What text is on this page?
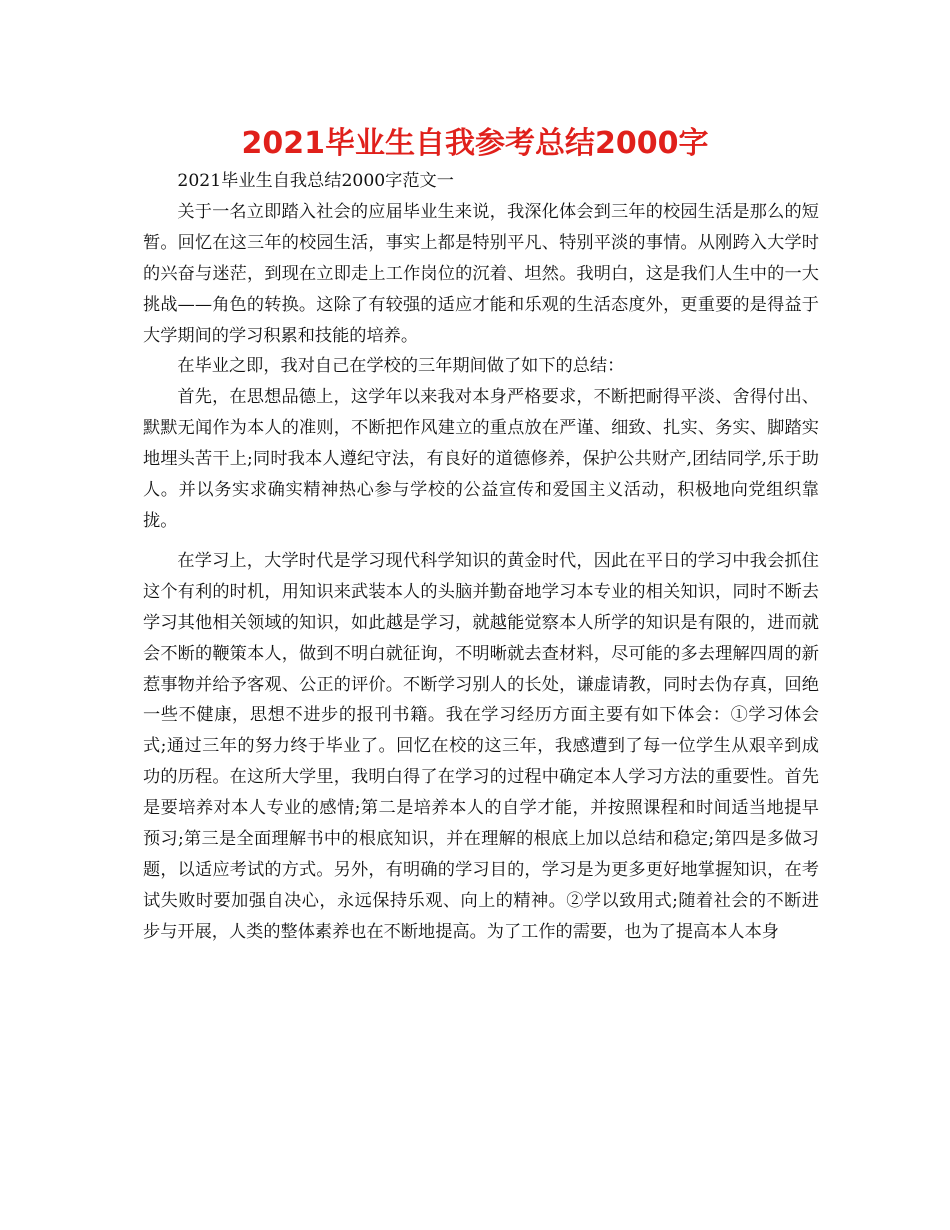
2021毕业生自我参考总结2000字

2021毕业生自我总结2000字范文一

关于一名立即踏入社会的应届毕业生来说，我深化体会到三年的校园生活是那么的短暂。回忆在这三年的校园生活，事实上都是特别平凡、特别平淡的事情。从刚跨入大学时的兴奋与迷茫，到现在立即走上工作岗位的沉着、坦然。我明白，这是我们人生中的一大挑战——角色的转换。这除了有较强的适应才能和乐观的生活态度外，更重要的是得益于大学期间的学习积累和技能的培养。

在毕业之即，我对自己在学校的三年期间做了如下的总结：

首先，在思想品德上，这学年以来我对本身严格要求，不断把耐得平淡、舍得付出、默默无闻作为本人的准则，不断把作风建立的重点放在严谨、细致、扎实、务实、脚踏实地埋头苦干上;同时我本人遵纪守法，有良好的道德修养，保护公共财产,团结同学,乐于助人。并以务实求确实精神热心参与学校的公益宣传和爱国主义活动，积极地向党组织靠拢。

在学习上，大学时代是学习现代科学知识的黄金时代，因此在平日的学习中我会抓住这个有利的时机，用知识来武装本人的头脑并勤奋地学习本专业的相关知识，同时不断去学习其他相关领域的知识，如此越是学习，就越能觉察本人所学的知识是有限的，进而就会不断的鞭策本人，做到不明白就征询，不明晰就去查材料，尽可能的多去理解四周的新惹事物并给予客观、公正的评价。不断学习别人的长处，谦虚请教，同时去伪存真，回绝一些不健康，思想不进步的报刊书籍。我在学习经历方面主要有如下体会：①学习体会式;通过三年的努力终于毕业了。回忆在校的这三年，我感遭到了每一位学生从艰辛到成功的历程。在这所大学里，我明白得了在学习的过程中确定本人学习方法的重要性。首先是要培养对本人专业的感情;第二是培养本人的自学才能，并按照课程和时间适当地提早预习;第三是全面理解书中的根底知识，并在理解的根底上加以总结和稳定;第四是多做习题，以适应考试的方式。另外，有明确的学习目的，学习是为更多更好地掌握知识，在考试失败时要加强自决心，永远保持乐观、向上的精神。②学以致用式;随着社会的不断进步与开展，人类的整体素养也在不断地提高。为了工作的需要，也为了提高本人本身
